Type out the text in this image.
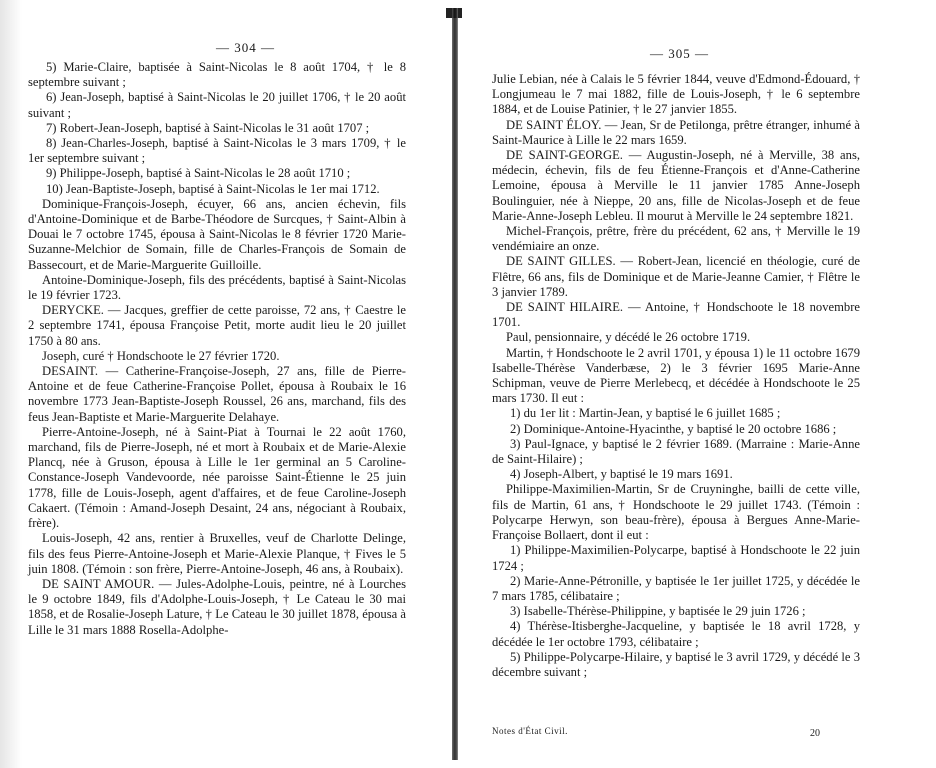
— 304 —

5) Marie-Claire, baptisée à Saint-Nicolas le 8 août 1704, † le 8 septembre suivant ;

6) Jean-Joseph, baptisé à Saint-Nicolas le 20 juillet 1706, † le 20 août suivant ;

7) Robert-Jean-Joseph, baptisé à Saint-Nicolas le 31 août 1707 ;

8) Jean-Charles-Joseph, baptisé à Saint-Nicolas le 3 mars 1709, † le 1er septembre suivant ;

9) Philippe-Joseph, baptisé à Saint-Nicolas le 28 août 1710 ;

10) Jean-Baptiste-Joseph, baptisé à Saint-Nicolas le 1er mai 1712.

Dominique-François-Joseph, écuyer, 66 ans, ancien échevin, fils d'Antoine-Dominique et de Barbe-Théodore de Surcques, † Saint-Albin à Douai le 7 octobre 1745, épousa à Saint-Nicolas le 8 février 1720 Marie-Suzanne-Melchior de Somain, fille de Charles-François de Somain de Bassecourt, et de Marie-Marguerite Guilloille.

Antoine-Dominique-Joseph, fils des précédents, baptisé à Saint-Nicolas le 19 février 1723.

DERYCKE. — Jacques, greffier de cette paroisse, 72 ans, † Caestre le 2 septembre 1741, épousa Françoise Petit, morte audit lieu le 20 juillet 1750 à 80 ans.

Joseph, curé † Hondschoote le 27 février 1720.

DESAINT. — Catherine-Françoise-Joseph, 27 ans, fille de Pierre-Antoine et de feue Catherine-Françoise Pollet, épousa à Roubaix le 16 novembre 1773 Jean-Baptiste-Joseph Roussel, 26 ans, marchand, fils des feus Jean-Baptiste et Marie-Marguerite Delahaye.

Pierre-Antoine-Joseph, né à Saint-Piat à Tournai le 22 août 1760, marchand, fils de Pierre-Joseph, né et mort à Roubaix et de Marie-Alexie Plancq, née à Gruson, épousa à Lille le 1er germinal an 5 Caroline-Constance-Joseph Vandevoorde, née paroisse Saint-Étienne le 25 juin 1778, fille de Louis-Joseph, agent d'affaires, et de feue Caroline-Joseph Cakaert. (Témoin : Amand-Joseph Desaint, 24 ans, négociant à Roubaix, frère).

Louis-Joseph, 42 ans, rentier à Bruxelles, veuf de Charlotte Delinge, fils des feus Pierre-Antoine-Joseph et Marie-Alexie Planque, † Fives le 5 juin 1808. (Témoin : son frère, Pierre-Antoine-Joseph, 46 ans, à Roubaix).

DE SAINT AMOUR. — Jules-Adolphe-Louis, peintre, né à Lourches le 9 octobre 1849, fils d'Adolphe-Louis-Joseph, † Le Cateau le 30 mai 1858, et de Rosalie-Joseph Lature, † Le Cateau le 30 juillet 1878, épousa à Lille le 31 mars 1888 Rosella-Adolphe-

— 305 —

Julie Lebian, née à Calais le 5 février 1844, veuve d'Edmond-Édouard, † Longjumeau le 7 mai 1882, fille de Louis-Joseph, † le 6 septembre 1884, et de Louise Patinier, † le 27 janvier 1855.

DE SAINT ÉLOY. — Jean, Sr de Petilonga, prêtre étranger, inhumé à Saint-Maurice à Lille le 22 mars 1659.

DE SAINT-GEORGE. — Augustin-Joseph, né à Merville, 38 ans, médecin, échevin, fils de feu Étienne-François et d'Anne-Catherine Lemoine, épousa à Merville le 11 janvier 1785 Anne-Joseph Boulinguier, née à Nieppe, 20 ans, fille de Nicolas-Joseph et de feue Marie-Anne-Joseph Lebleu. Il mourut à Merville le 24 septembre 1821.

Michel-François, prêtre, frère du précédent, 62 ans, † Merville le 19 vendémiaire an onze.

DE SAINT GILLES. — Robert-Jean, licencié en théologie, curé de Flêtre, 66 ans, fils de Dominique et de Marie-Jeanne Camier, † Flêtre le 3 janvier 1789.

DE SAINT HILAIRE. — Antoine, † Hondschoote le 18 novembre 1701.

Paul, pensionnaire, y décédé le 26 octobre 1719.

Martin, † Hondschoote le 2 avril 1701, y épousa 1) le 11 octobre 1679 Isabelle-Thérèse Vanderbæse, 2) le 3 février 1695 Marie-Anne Schipman, veuve de Pierre Merlebecq, et décédée à Hondschoote le 25 mars 1730. Il eut :

1) du 1er lit : Martin-Jean, y baptisé le 6 juillet 1685 ;

2) Dominique-Antoine-Hyacinthe, y baptisé le 20 octobre 1686 ;

3) Paul-Ignace, y baptisé le 2 février 1689. (Marraine : Marie-Anne de Saint-Hilaire) ;

4) Joseph-Albert, y baptisé le 19 mars 1691.

Philippe-Maximilien-Martin, Sr de Cruyninghe, bailli de cette ville, fils de Martin, 61 ans, † Hondschoote le 29 juillet 1743. (Témoin : Polycarpe Herwyn, son beau-frère), épousa à Bergues Anne-Marie-Françoise Bollaert, dont il eut :

1) Philippe-Maximilien-Polycarpe, baptisé à Hondschoote le 22 juin 1724 ;

2) Marie-Anne-Pétronille, y baptisée le 1er juillet 1725, y décédée le 7 mars 1785, célibataire ;

3) Isabelle-Thérèse-Philippine, y baptisée le 29 juin 1726 ;

4) Thérèse-Itisberghe-Jacqueline, y baptisée le 18 avril 1728, y décédée le 1er octobre 1793, célibataire ;

5) Philippe-Polycarpe-Hilaire, y baptisé le 3 avril 1729, y décédé le 3 décembre suivant ;

Notes d'État Civil.	20
